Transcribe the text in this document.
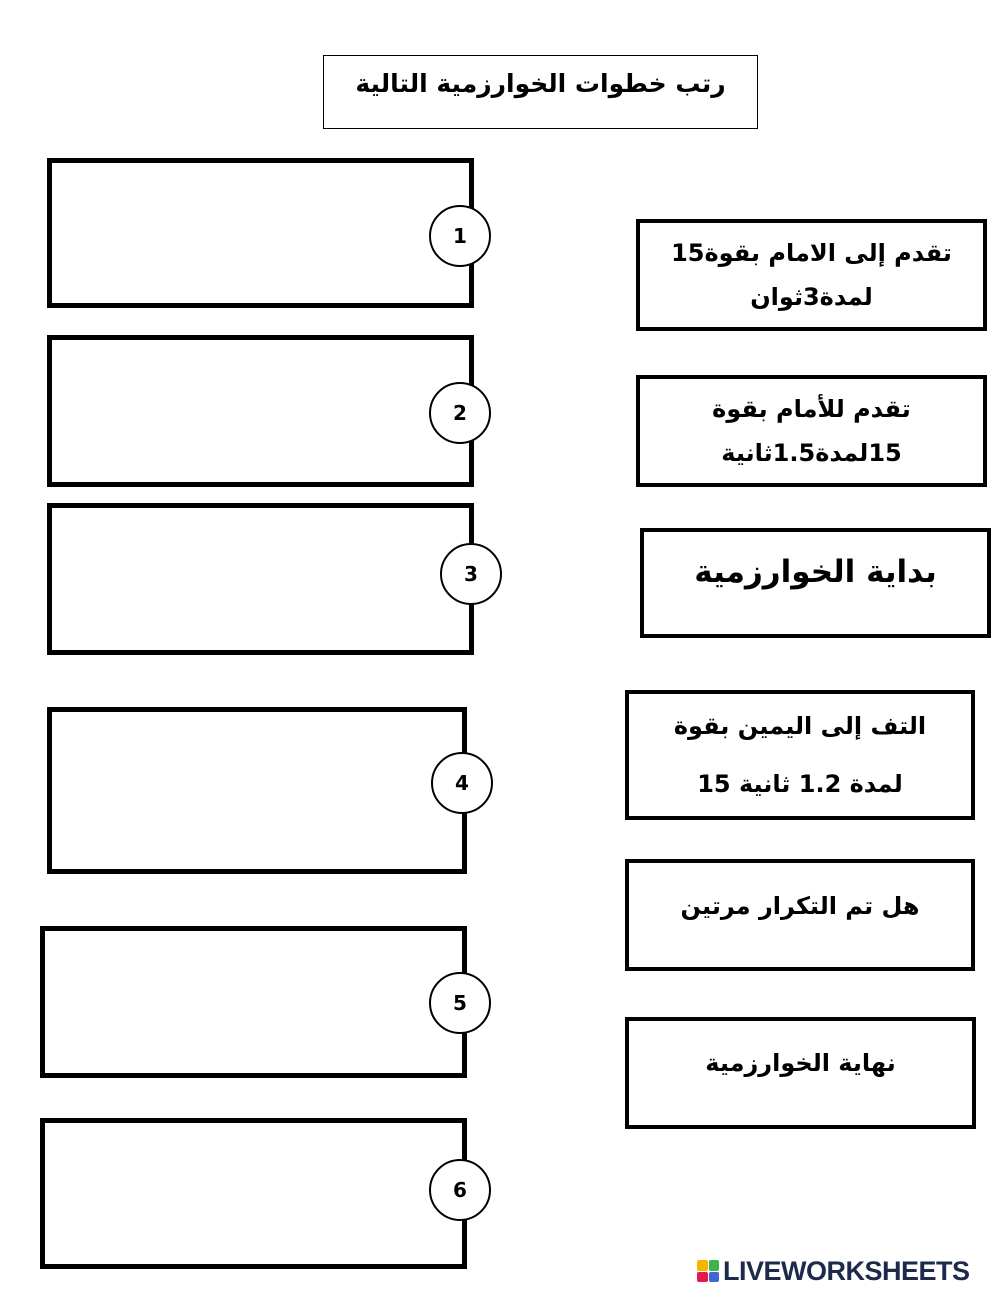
رتب خطوات الخوارزمية التالية
1
2
3
4
5
6
تقدم إلى الامام بقوة15
لمدة3ثوان
تقدم للأمام بقوة
15لمدة1.5ثانية
بداية الخوارزمية
التف إلى اليمين بقوة
لمدة 1.2 ثانية 15
هل تم التكرار مرتين
نهاية الخوارزمية
LIVEWORKSHEETS
